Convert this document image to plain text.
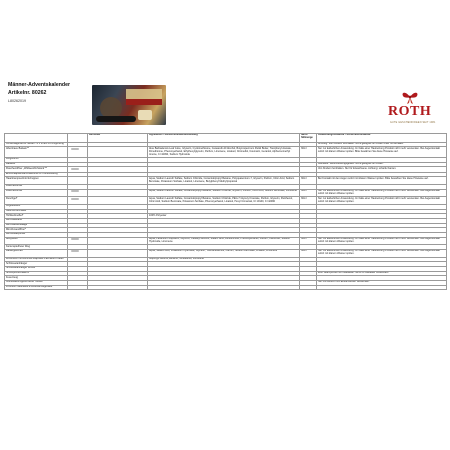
Männer-Adventskalender
Artikelnr. 80262
L80262019
ROTH
GUTE GESCHENKIDEEN SEIT 1981
		Hersteller	Ingredients / Wirkstoffzusammensetzung	Nenn-füllmenge	Anwendungshinweise / Sicherheitshinweise
Universalgürtel-Gr. außen 75 + Innen 55 Umgürtung					Achtung: Von Kindern fernhalten. Nicht geeignet für Kinder unter 36 Monaten.
Aftershave Balsam**			Aloe Barbadensis Leaf Juice, Glycerin, Cyclomethicone, Ceteareth-20 Alcohol, Butyrospermum Parkii Butter, Tocopheryl Acetate, Dimethicone, Phenoxyethanol, Ethylhexylglycerin, Parfum, Limonene, Linalool, Citronellol, Coumarin, Geraniol, Alpha-Isomethyl Ionone, CI 42090, Sodium Hydroxide	30ml	Nur zur äußerlichen Anwendung. Im Falle einer Hautreizung Produkt nicht mehr verwenden. Bei Augenkontakt sofort mit klarem Wasser spülen. Bitte bewahren Sie diese Hinweise auf.
Dingsbums*					
Rasierer*					Kleinteile: Verschluckungsgefahr. Nicht geeignet für Kinder.
Flaschenöffner „Wildwestfrühstück“**					Von Kindern fernhalten. Nur für Erwachsene. Achtung: scharfe Kanten.
Einfuhrkapselmachmaschine für Homebrewing					
Haarshampoo/Anti-Schuppen			Aqua, Sodium Laureth Sulfate, Sodium Chloride, Cocamidopropyl Betaine, Polyquaternium-7, Glycerin, Parfum, Citric Acid, Sodium Benzoate, Potassium Sorbate, Linalool, Limonene, Butylphenyl Methylpropional	30ml	Bei Kontakt mit den Augen sofort mit klarem Wasser spülen. Bitte bewahren Sie diese Hinweise auf.
Flaschenöffner*					
Flaschenöffner*			Aqua, Sodium Laureth Sulfate, Cocamidopropyl Betaine, Sodium Chloride, Glycerin, Parfum, Citric Acid, Sodium Benzoate, Limonene	30ml	Nur zur äußerlichen Anwendung. Im Falle einer Hautreizung Produkt nicht mehr verwenden. Bei Augenkontakt sofort mit klarem Wasser spülen.
Duschgel*			Aqua, Sodium Laureth Sulfate, Cocamidopropyl Betaine, Sodium Chloride, PEG-7 Glyceryl Cocoate, Parfum, Glycerin, Panthenol, Citric Acid, Sodium Benzoate, Potassium Sorbate, Phenoxyethanol, Linalool, Hexyl Cinnamal, CI 19140, CI 42090	30ml	Nur zur äußerlichen Anwendung. Im Falle einer Hautreizung Produkt nicht mehr verwenden. Bei Augenkontakt sofort mit klarem Wasser spülen.
Kugelbleistift*					
Geschirrtuchhalter*					
Hohlkeilmeißel*			100% Polyester		
Mini-Maßband*					
Mini-Wasserwaage*					
Mini-Dosenöffner*					
Mini-Rasierpinsel*					
Bodylotion*			Aqua, Paraffinum Liquidum, Glycerin, Cetearyl Alcohol, Stearic Acid, Dimethicone, Phenoxyethanol, Parfum, Carbomer, Sodium Hydroxide, Limonene	30ml	Nur zur äußerlichen Anwendung. Im Falle einer Hautreizung Produkt nicht mehr verwenden. Bei Augenkontakt sofort mit klarem Wasser spülen.
Kartenspielfreier Weg					
Rasiergeschäft*			Aqua, Stearic Acid, Potassium Hydroxide, Glycerin, Triethanolamine, Parfum, Sodium Benzoate, Linalool, Limonene	30ml	Nur zur äußerlichen Anwendung. Im Falle einer Hautreizung Produkt nicht mehr verwenden. Bei Augenkontakt sofort mit klarem Wasser spülen.
Wollmütze mit Bommel/Snapback Patchwork Häkelt			Isopropyl Alcohol, Ethanol, Scheibenöl, Limonene		
Schlüsselanhänger					
Schlüsselanhänger Würfel*					
Schuhputzschwamm					Zum Glanzputzen von Glattleder. Nicht für Rauleder verwenden.
Feuerzeug					
Grundsätzlichgeschützter Hocker					Nur mit Aufsicht von Erwachsenen verwenden.
Premium-Haferkeks & Weihnachtsgebäck					
